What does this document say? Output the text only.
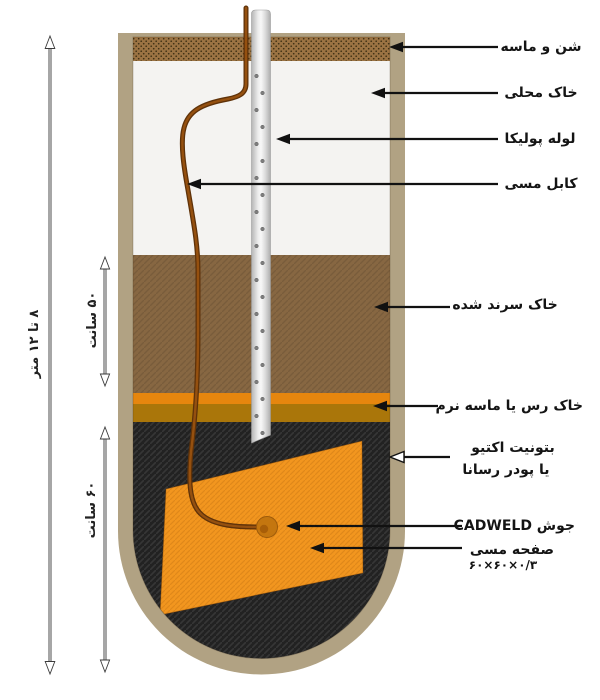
شن و ماسه
خاک محلی
لوله پولیکا
کابل مسی
خاک سرند شده
خاک رس یا ماسه نرم
بتونیت اکتیو
یا پودر رسانا
جوش CADWELD
صفحه مسی
۶۰×۶۰×۰/۳
۸ تا ۱۲ متر	۵۰ سانت
۶۰ سانت
